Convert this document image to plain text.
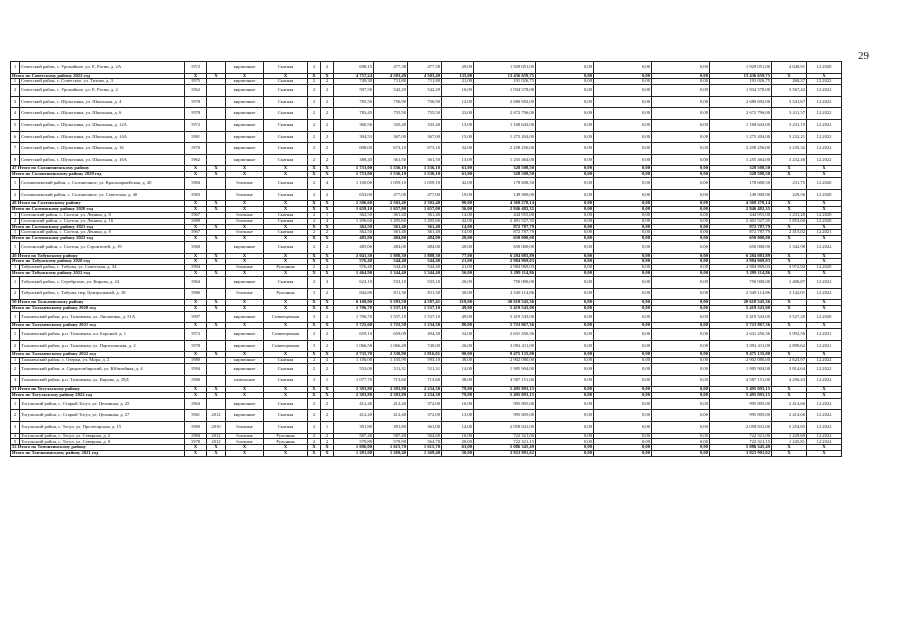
29
1	Советский район, с. Урожайное, ул. Е. Расин, д. 2А	1972		кирпичные	Скатная	2	2	698,15	477,38	477,38	29,00	1 929 051,00	0,00	0,00	0,00	1 929 051,00	4 040,91	12.2020
Итого по Советскому району 2022 год		X	X	X	X	X	X	4 757,24	4 503,49	4 503,49	135,00	13 436 659,75	0,00	0,00	0,00	13 436 659,75	X	X
1	Советский район, с. Советское, ул. Титова, д. 3	1975		кирпичные	Скатная	2	2	749,30	711,80	711,80	21,00	191 026,75	0,00	0,00	0,00	191 026,75	268,37	12.2022
2	Советский район, с. Урожайное, ул. Е. Расин, д. 2	1962		кирпичные	Скатная	2	2	597,50	542,29	542,29	16,00	1 934 578,00	0,00	0,00	0,00	1 934 578,00	3 567,42	12.2022
3	Советский район, с. Шульгинка, ул. Школьная, д. 4	1978		кирпичные	Скатная	2	2	785,50	756,90	756,90	12,00	2 680 692,00	0,00	0,00	0,00	2 680 692,00	3 541,67	12.2022
4	Советский район, с. Шульгинка, ул. Школьная, д. 6	1978		кирпичные	Скатная	2	2	783,45	755,50	755,50	23,00	2 672 796,00	0,00	0,00	0,00	2 672 796,00	3 411,57	12.2022
5	Советский район, с. Шульгинка, ул. Школьная, д. 12А	1972		кирпичные	Скатная	2	2	360,56	335,40	335,40	13,00	1 168 643,00	0,00	0,00	0,00	1 168 643,00	3 241,19	12.2022
6	Советский район, с. Шульгинка, ул. Школьная, д. 14А	1981		кирпичные	Скатная	2	2	394,53	367,00	367,00	15,00	1 275 204,00	0,00	0,00	0,00	1 275 204,00	3 232,21	12.2022
7	Советский район, с. Шульгинка, ул. Школьная, д. 16	1976		кирпичные	Скатная	2	2	698,00	673,10	673,10	32,00	2 258 256,00	0,00	0,00	0,00	2 258 256,00	3 235,32	12.2022
8	Советский район, с. Шульгинка, ул. Школьная, д. 16А	1962		кирпичные	Скатная	2	2	388,40	361,50	361,50	13,00	1 255 464,00	0,00	0,00	0,00	1 255 464,00	3 232,40	12.2022
47 Итого по Солонешенскому району		X	X	X	X	X	X	1 753,00	1 536,10	1 536,10	61,00	328 508,50	0,00	0,00	0,00	328 508,50	X	X
Итого по Солонешенскому району 2020 год		X	X	X	X	X	X	1 753,00	1 536,10	1 536,10	61,00	328 508,50	0,00	0,00	0,00	328 508,50	X	X
1	Солонешенский район, с. Солонешное, ул. Красноармейская, д. 40	1984		блочные	Скатная	2	4	1 100,00	1 059,10	1 059,10	42,00	178 608,50	0,00	0,00	0,00	178 608,50	231,75	12.2020
2	Солонешенский район, с. Солонешное, ул. Советская, д. 40	1983		блочные	Скатная	2	2	653,00	477,00	477,00	19,00	149 900,00	0,00	0,00	0,00	149 900,00	229,56	12.2020
48 Итого по Солтонскому району		X	X	X	X	X	X	2 506,60	2 502,40	2 502,40	90,00	4 369 270,14	0,00	0,00	0,00	4 369 270,14	X	X
Итого по Солтонскому району 2020 год		X	X	X	X	X	X	1 659,10	1 657,00	1 657,00	56,00	2 846 482,35	0,00	0,00	0,00	2 846 482,35	X	X
1	Солтонский район, с. Солтон, ул. Ленина, д. 8	1967		блочные	Скатная	2	1	362,50	361,40	361,40	14,00	444 955,00	0,00	0,00	0,00	444 955,00	1 231,20	12.2020
2	Солтонский район, с. Солтон, ул. Ленина, д. 16	1989		блочные	Скатная	2	4	1 296,60	1 295,60	1 295,60	42,00	2 401 527,35	0,00	0,00	0,00	2 401 527,35	1 853,60	12.2020
Итого по Солтонскому району 2021 год		X	X	X	X	X	X	362,50	361,40	361,40	14,00	872 787,79	0,00	0,00	0,00	872 787,79	X	X
1	Солтонский район, с. Солтон, ул. Ленина, д. 8	1967		блочные	Скатная	2	2	362,50	361,40	361,40	14,00	872 787,79	0,00	0,00	0,00	872 787,79	2 415,02	12.2021
Итого по Солтонскому району 2022 год		X	X	X	X	X	X	485,00	484,00	484,00	20,00	650 000,00	0,00	0,00	0,00	650 000,00	X	X
1	Солтонский район, с. Солтон, ул. Строителей, д. 19	1968		кирпичные	Скатная	2	2	485,00	484,00	484,00	20,00	650 000,00	0,00	0,00	0,00	650 000,00	1 342,98	12.2022
49 Итого по Табунскому району		X	X	X	X	X	X	2 041,30	1 888,30	1 888,30	77,00	6 284 083,89	0,00	0,00	0,00	6 284 083,89	X	X
Итого по Табунскому району 2020 год		X	X	X	X	X	X	576,40	544,40	544,40	21,00	2 984 969,03	0,00	0,00	0,00	2 984 969,03	X	X
1	Табунский район, с. Табуны, ул. Советская, д. 34	1984		блочные	Рулонная	2	2	576,40	544,40	544,40	21,00	2 984 969,03	0,00	0,00	0,00	2 984 969,03	3 972,92	12.2020
Итого по Табунскому району 2022 год		X	X	X	X	X	X	1 464,90	1 344,40	1 344,40	56,00	3 299 114,86	0,00	0,00	0,00	3 299 114,86	X	X
1	Табунский район, с. Серебрполь, ул. Кирова, д. 24	1964		кирпичные	Скатная	2	3	622,10	533,10	533,10	26,00	750 000,00	0,00	0,00	0,00	750 000,00	1 406,87	12.2022
2	Табунский район, с. Табуны, пер. Центральный, д. 18	1986		блочные	Рулонная	3	2	842,80	811,30	811,30	30,00	2 549 114,86	0,00	0,00	0,00	2 549 114,86	3 142,01	12.2022
50 Итого по Тальменскому району		X	X	X	X	X	X	6 168,00	5 593,58	4 587,41	219,00	20 618 545,36	0,00	0,00	0,00	20 618 545,36	X	X
Итого по Тальменскому району 2020 год		X	X	X	X	X	X	1 706,70	1 537,10	1 537,10	49,00	5 419 543,00	0,00	0,00	0,00	5 419 543,00	X	X
1	Тальменский район, р.п. Тальменка, ул. Лисавенко, д. 51А	1997		кирпичные	Совмещенная	3	2	1 706,70	1 537,10	1 537,10	49,00	5 419 543,00	0,00	0,00	0,00	5 419 543,00	3 527,20	12.2020
Итого по Тальменскому району 2021 год		X	X	X	X	X	X	1 725,60	1 725,58	1 234,30	80,00	5 723 867,36	0,00	0,00	0,00	5 723 867,36	X	X
1	Тальменский район, р.п. Тальменка, пл. Бороной, д. 1	1972		кирпичные	Совмещенная	2	2	659,10	659,09	494,30	54,00	2 631 456,36	0,00	0,00	0,00	2 631 456,36	3 992,56	12.2021
2	Тальменский район, р.п. Тальменка, ул. Партизанская, д. 2	1978		кирпичные	Совмещенная	3	2	1 066,50	1 066,49	740,00	26,00	3 092 411,00	0,00	0,00	0,00	3 092 411,00	2 899,62	12.2021
Итого по Тальменскому району 2022 год		X	X	X	X	X	X	2 735,70	2 330,90	1 816,01	90,00	9 475 135,00	0,00	0,00	0,00	9 475 135,00	X	X
1	Тальменский район, с. Озерки, ул. Мира, д. 2	1980		кирпичные	Скатная	2	4	1 106,00	1 105,99	593,10	38,00	2 902 080,00	0,00	0,00	0,00	2 902 080,00	2 623,97	12.2022
2	Тальменский район, п. Среднесибирский, ул. Юбилейная, д. 4	1994		кирпичные	Скатная	2	2	552,00	511,31	511,31	14,00	1 985 904,00	0,00	0,00	0,00	1 985 904,00	3 814,64	12.2022
3	Тальменский район, р.п. Тальменка, ул. Кирова, д. 29Д	1980		панельные	Скатная	3	1	1 077,70	713,60	713,60	38,00	4 587 151,00	0,00	0,00	0,00	4 587 151,00	4 256,43	12.2022
51 Итого по Тогульскому району		X	X	X	X	X	X	2 383,80	2 383,80	2 234,30	79,00	5 495 093,15	0,00	0,00	0,00	5 495 093,15	X	X
Итого по Тогульскому району 2022 год		X	X	X	X	X	X	2 383,80	2 383,80	2 234,30	79,00	5 495 093,15	0,00	0,00	0,00	5 495 093,15	X	X
1	Тогульский район, с. Старый Тогул, ул. Целинная, д. 25	1964		кирпичные	Скатная	2	2	412,40	412,40	372,00	16,00	995 805,00	0,00	0,00	0,00	995 805,00	2 414,66	12.2022
2	Тогульский район, с. Старый Тогул, ул. Целинная, д. 27	1961	2012	кирпичные	Скатная	2	2	412,40	412,40	372,00	13,00	995 805,00	0,00	0,00	0,00	995 805,00	2 414,66	12.2022
3	Тогульский район, с. Тогул, ул. Пролетарская, д. 15	1969	2010	блочные	Скатная	2	1	391,80	391,80	361,00	14,00	2 058 841,00	0,00	0,00	0,00	2 058 841,00	5 254,83	12.2022
4	Тогульский район, с. Тогул, ул. Северная, д. 2	1984	2012	блочные	Рулонная	2	2	587,40	587,40	564,60	16,00	722 321,00	0,00	0,00	0,00	722 321,00	1 229,69	12.2022
5	Тогульский район, с. Тогул, ул. Северная, д. 8	1978	2012	блочные	Рулонная	2	2	579,80	579,80	564,70	20,00	722 321,15	0,00	0,00	0,00	722 321,15	1 245,81	12.2022
52 Итого по Топчихинскому району		X	X	X	X	X	X	1 696,00	1 615,70	1 615,70	63,00	5 086 345,49	0,00	0,00	0,00	5 086 345,49	X	X
Итого по Топчихинскому району 2021 год		X	X	X	X	X	X	1 281,00	1 269,40	1 269,40	50,00	3 823 901,62	0,00	0,00	0,00	3 823 901,62	X	X
